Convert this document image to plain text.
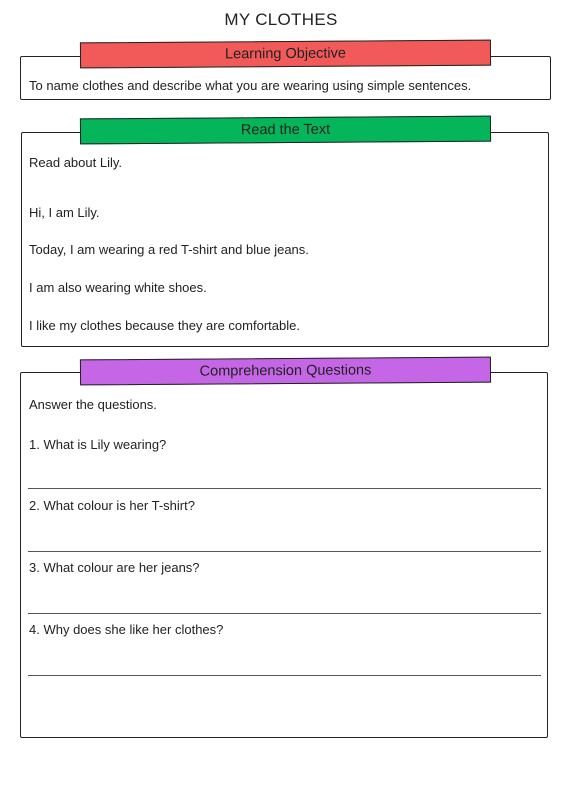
MY CLOTHES
Learning Objective
To name clothes and describe what you are wearing using simple sentences.
Read the Text
Read about Lily.
Hi, I am Lily.
Today, I am wearing a red T-shirt and blue jeans.
I am also wearing white shoes.
I like my clothes because they are comfortable.
Comprehension Questions
Answer the questions.
1. What is Lily wearing?
2. What colour is her T-shirt?
3. What colour are her jeans?
4. Why does she like her clothes?
